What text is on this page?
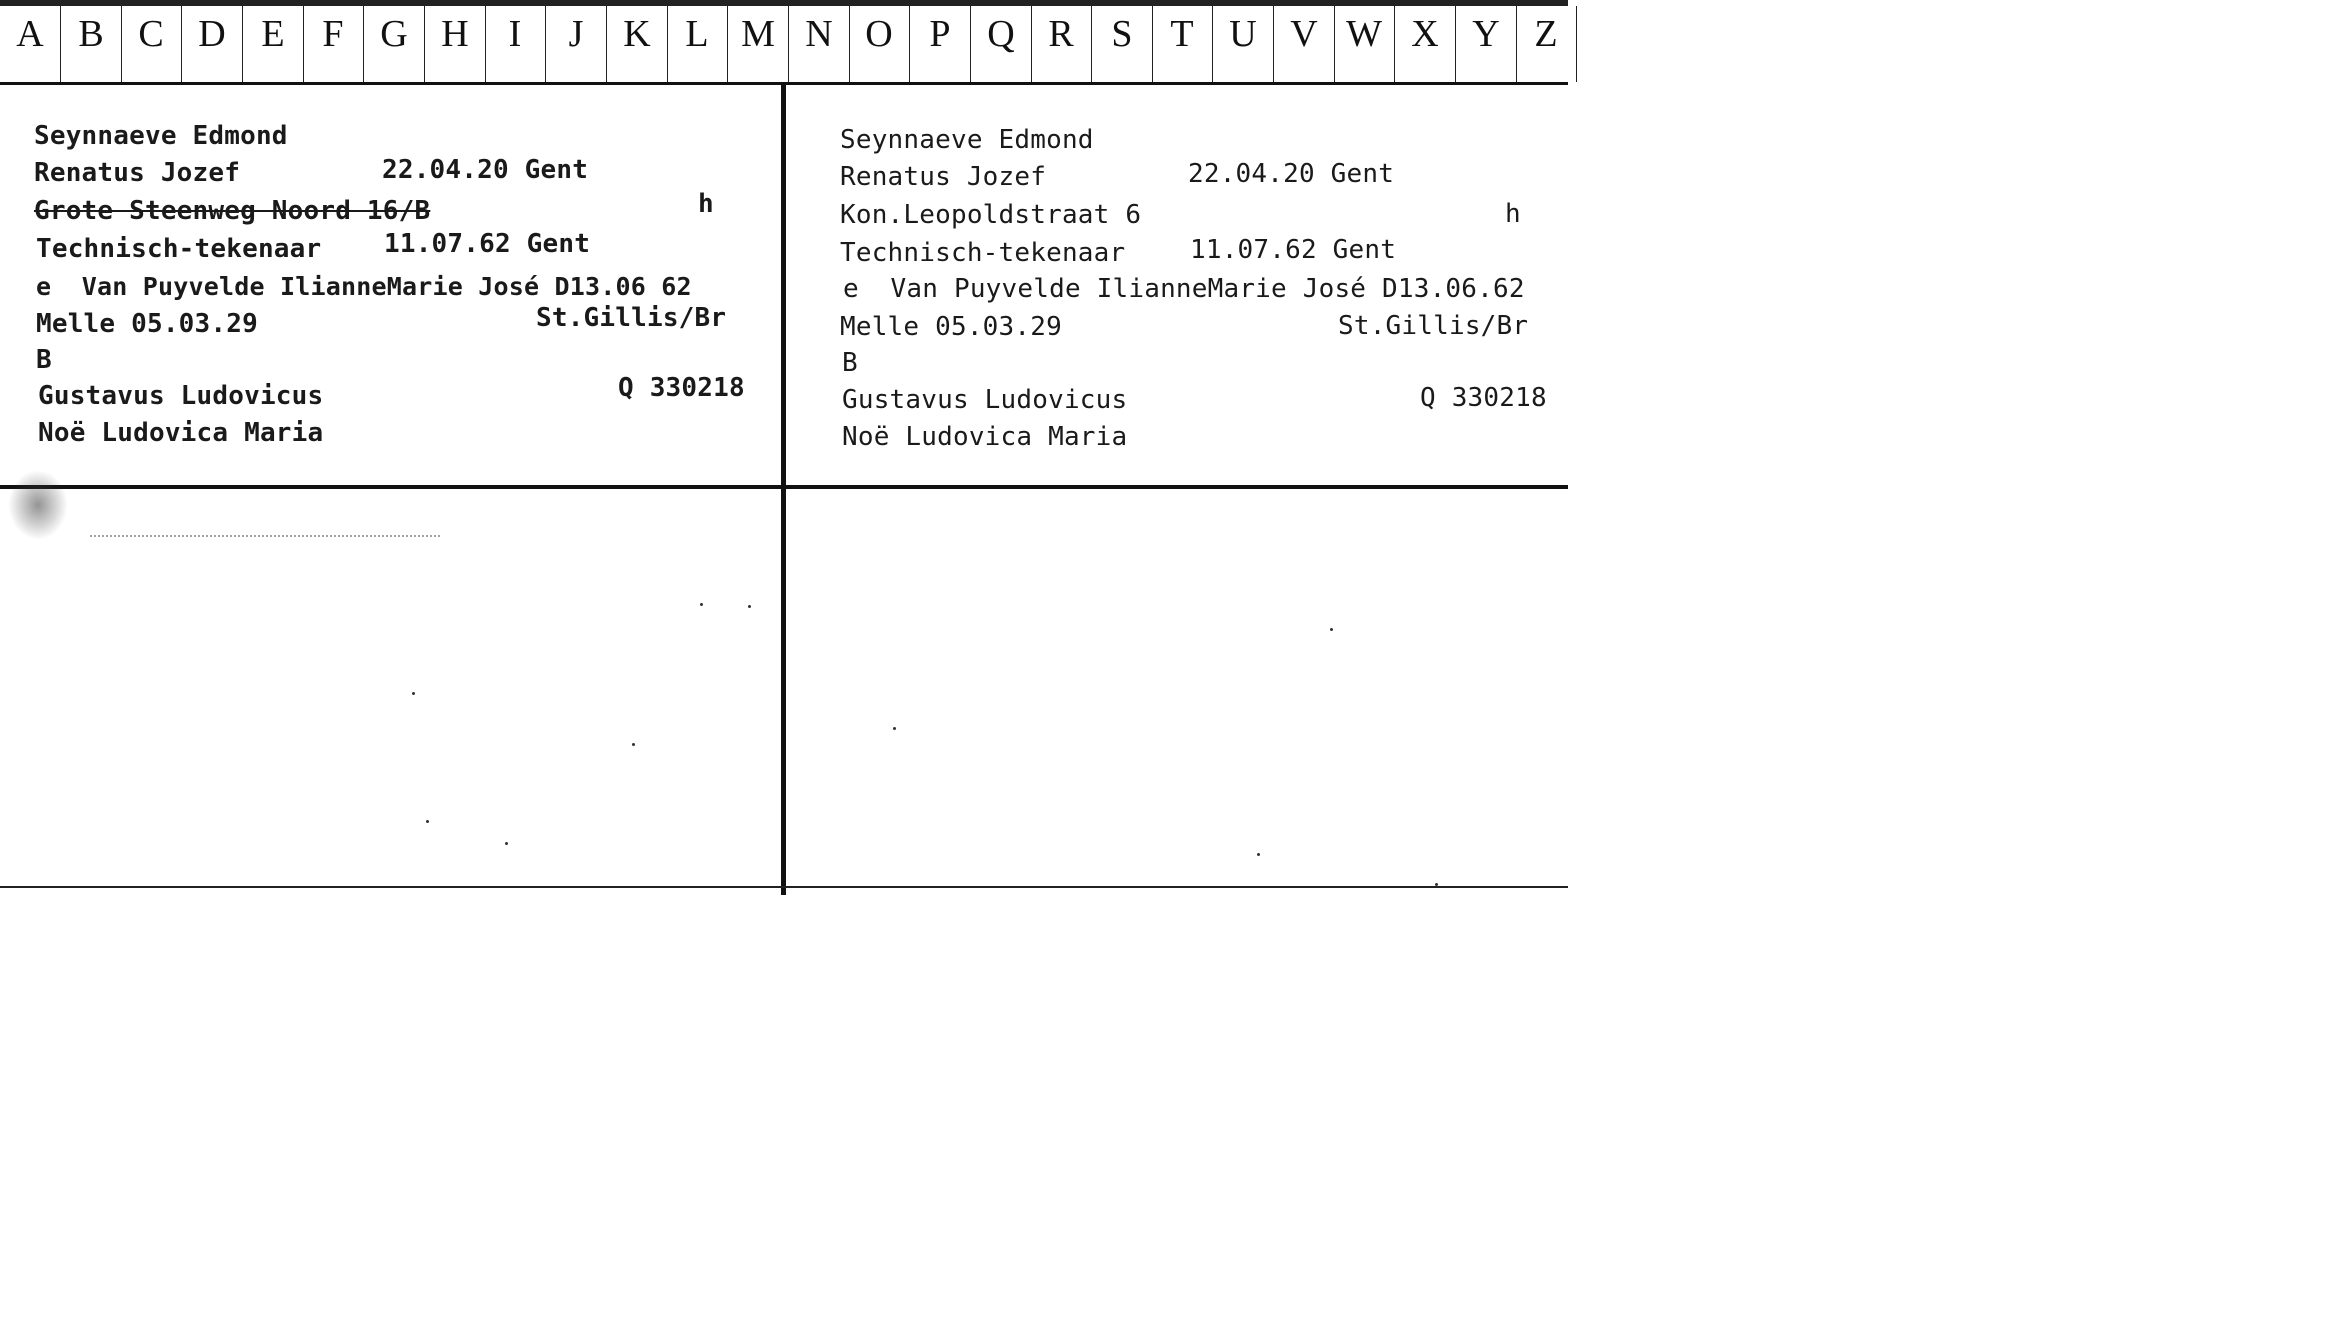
A B C D E F G H	I	J	K L M N O P Q R S T U V W X Y Z
Seynnaeve Edmond
Renatus Jozef	22.04.20 Gent
Grote Steenweg Noord 16/B	h
Technisch-tekenaar 11.07.62 Gent
e  Van Puyvelde IlianneMarie José D13.06 62
Melle 05.03.29	St.Gillis/Br
B
Gustavus Ludovicus	Q 330218
Noë Ludovica Maria
Seynnaeve Edmond
Renatus Jozef	22.04.20 Gent
Kon.Leopoldstraat 6	h
Technisch-tekenaar 11.07.62 Gent
e  Van Puyvelde IlianneMarie José D13.06.62
Melle 05.03.29	St.Gillis/Br
B
Gustavus Ludovicus	Q 330218
Noë Ludovica Maria
